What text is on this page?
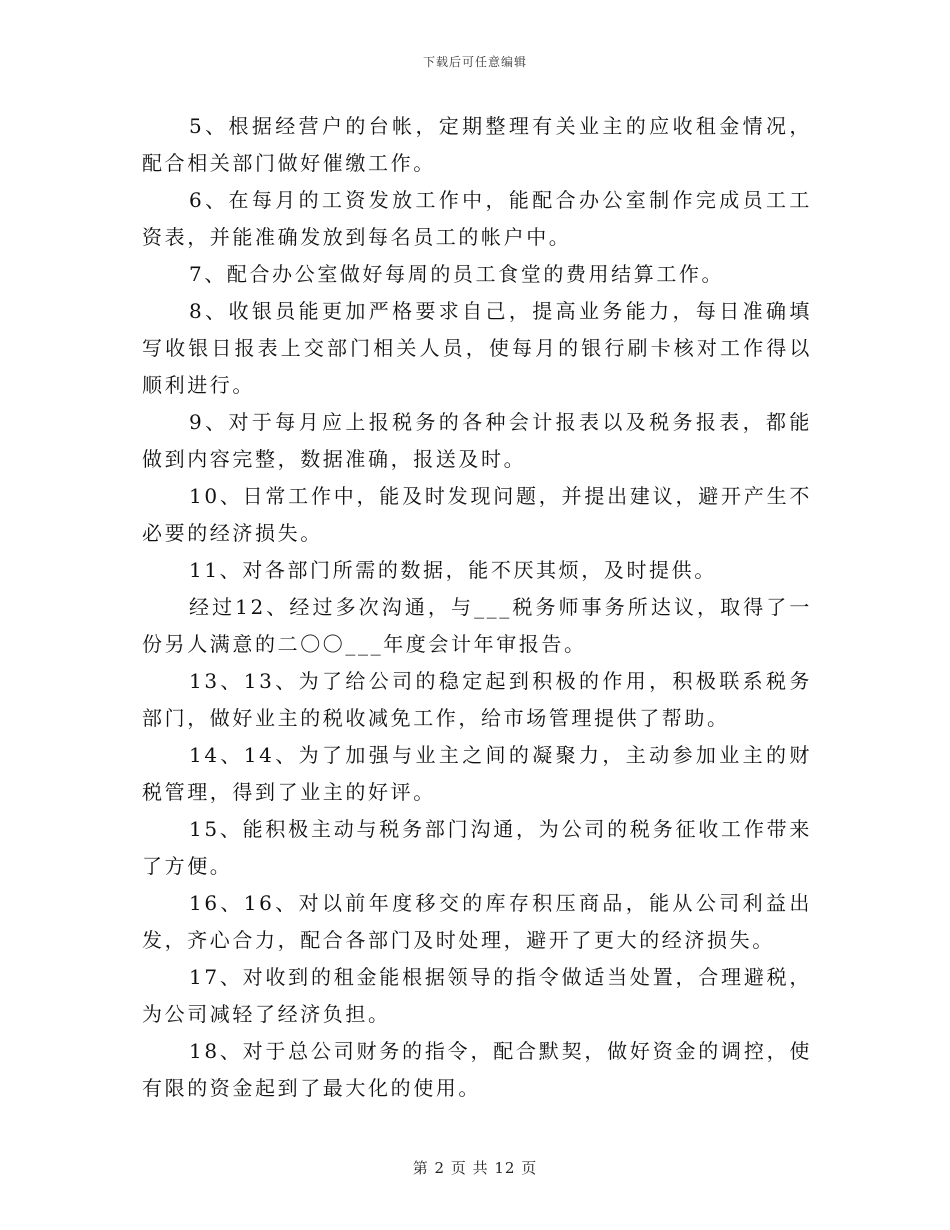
下载后可任意编辑

5、根据经营户的台帐，定期整理有关业主的应收租金情况，配合相关部门做好催缴工作。

6、在每月的工资发放工作中，能配合办公室制作完成员工工资表，并能准确发放到每名员工的帐户中。

7、配合办公室做好每周的员工食堂的费用结算工作。

8、收银员能更加严格要求自己，提高业务能力，每日准确填写收银日报表上交部门相关人员，使每月的银行刷卡核对工作得以顺利进行。

9、对于每月应上报税务的各种会计报表以及税务报表，都能做到内容完整，数据准确，报送及时。

10、日常工作中，能及时发现问题，并提出建议，避开产生不必要的经济损失。

11、对各部门所需的数据，能不厌其烦，及时提供。

经过12、经过多次沟通，与___税务师事务所达议，取得了一份另人满意的二〇〇___年度会计年审报告。

13、13、为了给公司的稳定起到积极的作用，积极联系税务部门，做好业主的税收减免工作，给市场管理提供了帮助。

14、14、为了加强与业主之间的凝聚力，主动参加业主的财税管理，得到了业主的好评。

15、能积极主动与税务部门沟通，为公司的税务征收工作带来了方便。

16、16、对以前年度移交的库存积压商品，能从公司利益出发，齐心合力，配合各部门及时处理，避开了更大的经济损失。

17、对收到的租金能根据领导的指令做适当处置，合理避税，为公司减轻了经济负担。

18、对于总公司财务的指令，配合默契，做好资金的调控，使有限的资金起到了最大化的使用。

第 2 页 共 12 页
